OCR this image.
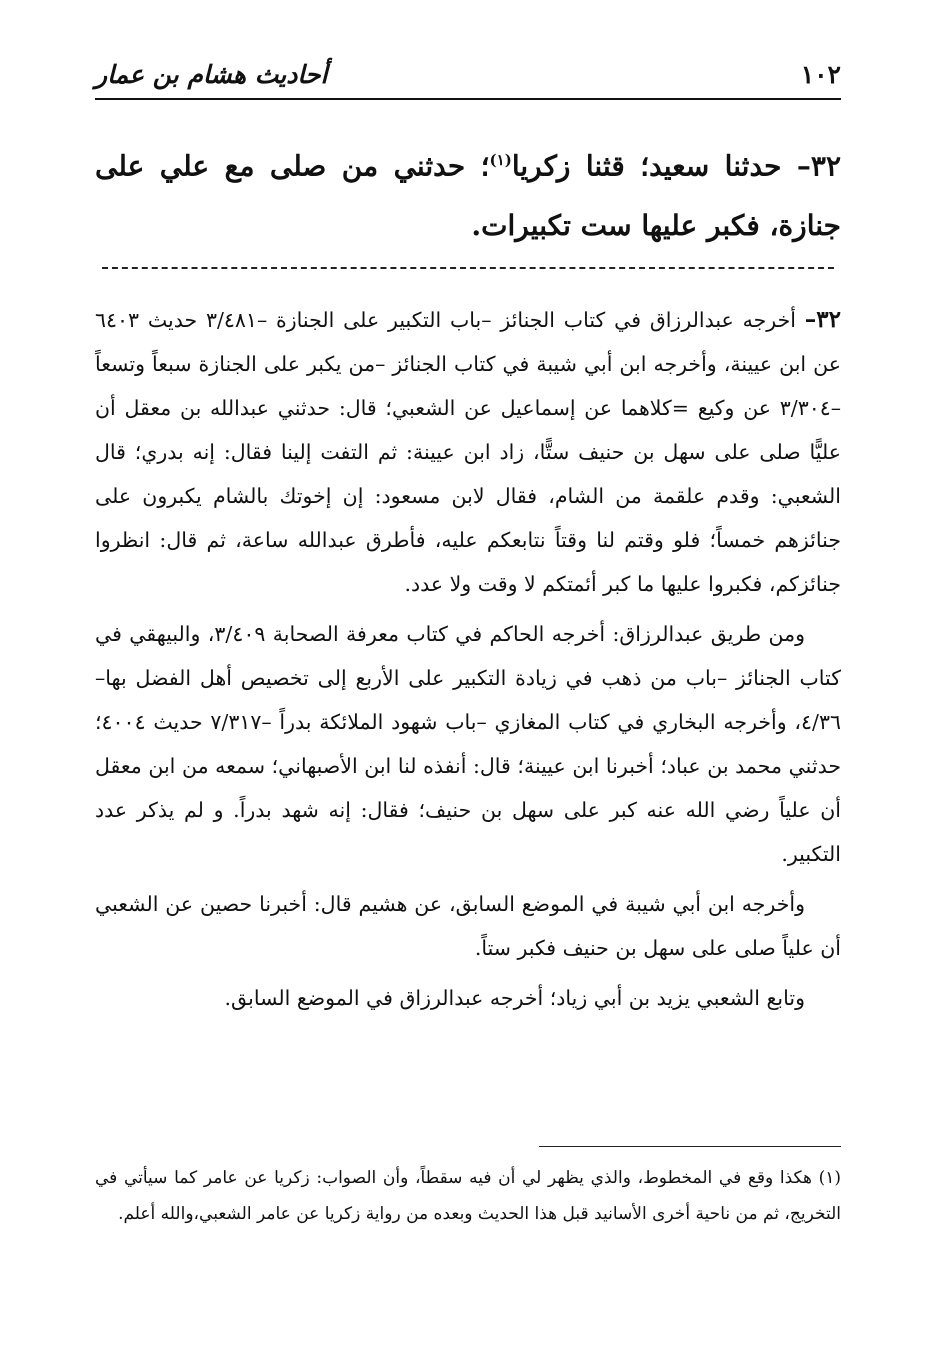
١٠٢
أحاديث هشام بن عمار
٣٢– حدثنا سعيد؛ قثنا زكريا$^{(١)}$؛ حدثني من صلى مع علي على جنازة، فكبر عليها ست تكبيرات.

٣٢– أخرجه عبدالرزاق في كتاب الجنائز –باب التكبير على الجنازة –٣/٤٨١ حديث ٦٤٠٣ عن ابن عيينة، وأخرجه ابن أبي شيبة في كتاب الجنائز –من يكبر على الجنازة سبعاً وتسعاً –٣/٣٠٤ عن وكيع =كلاهما عن إسماعيل عن الشعبي؛ قال: حدثني عبدالله بن معقل أن عليًّا صلى على سهل بن حنيف ستًّا، زاد ابن عيينة: ثم التفت إلينا فقال: إنه بدري؛ قال الشعبي: وقدم علقمة من الشام، فقال لابن مسعود: إن إخوتك بالشام يكبرون على جنائزهم خمساً؛ فلو وقتم لنا وقتاً نتابعكم عليه، فأطرق عبدالله ساعة، ثم قال: انظروا جنائزكم، فكبروا عليها ما كبر أئمتكم لا وقت ولا عدد.

ومن طريق عبدالرزاق: أخرجه الحاكم في كتاب معرفة الصحابة ٣/٤٠٩، والبيهقي في كتاب الجنائز –باب من ذهب في زيادة التكبير على الأربع إلى تخصيص أهل الفضل بها–٤/٣٦، وأخرجه البخاري في كتاب المغازي –باب شهود الملائكة بدراً –٧/٣١٧ حديث ٤٠٠٤؛ حدثني محمد بن عباد؛ أخبرنا ابن عيينة؛ قال: أنفذه لنا ابن الأصبهاني؛ سمعه من ابن معقل أن علياً رضي الله عنه كبر على سهل بن حنيف؛ فقال: إنه شهد بدراً. و لم يذكر عدد التكبير.

وأخرجه ابن أبي شيبة في الموضع السابق، عن هشيم قال: أخبرنا حصين عن الشعبي أن علياً صلى على سهل بن حنيف فكبر ستاً.

وتابع الشعبي يزيد بن أبي زياد؛ أخرجه عبدالرزاق في الموضع السابق.

(١) هكذا وقع في المخطوط، والذي يظهر لي أن فيه سقطاً، وأن الصواب: زكريا عن عامر كما سيأتي في التخريج، ثم من ناحية أخرى الأسانيد قبل هذا الحديث وبعده من رواية زكريا عن عامر الشعبي،والله أعلم.
